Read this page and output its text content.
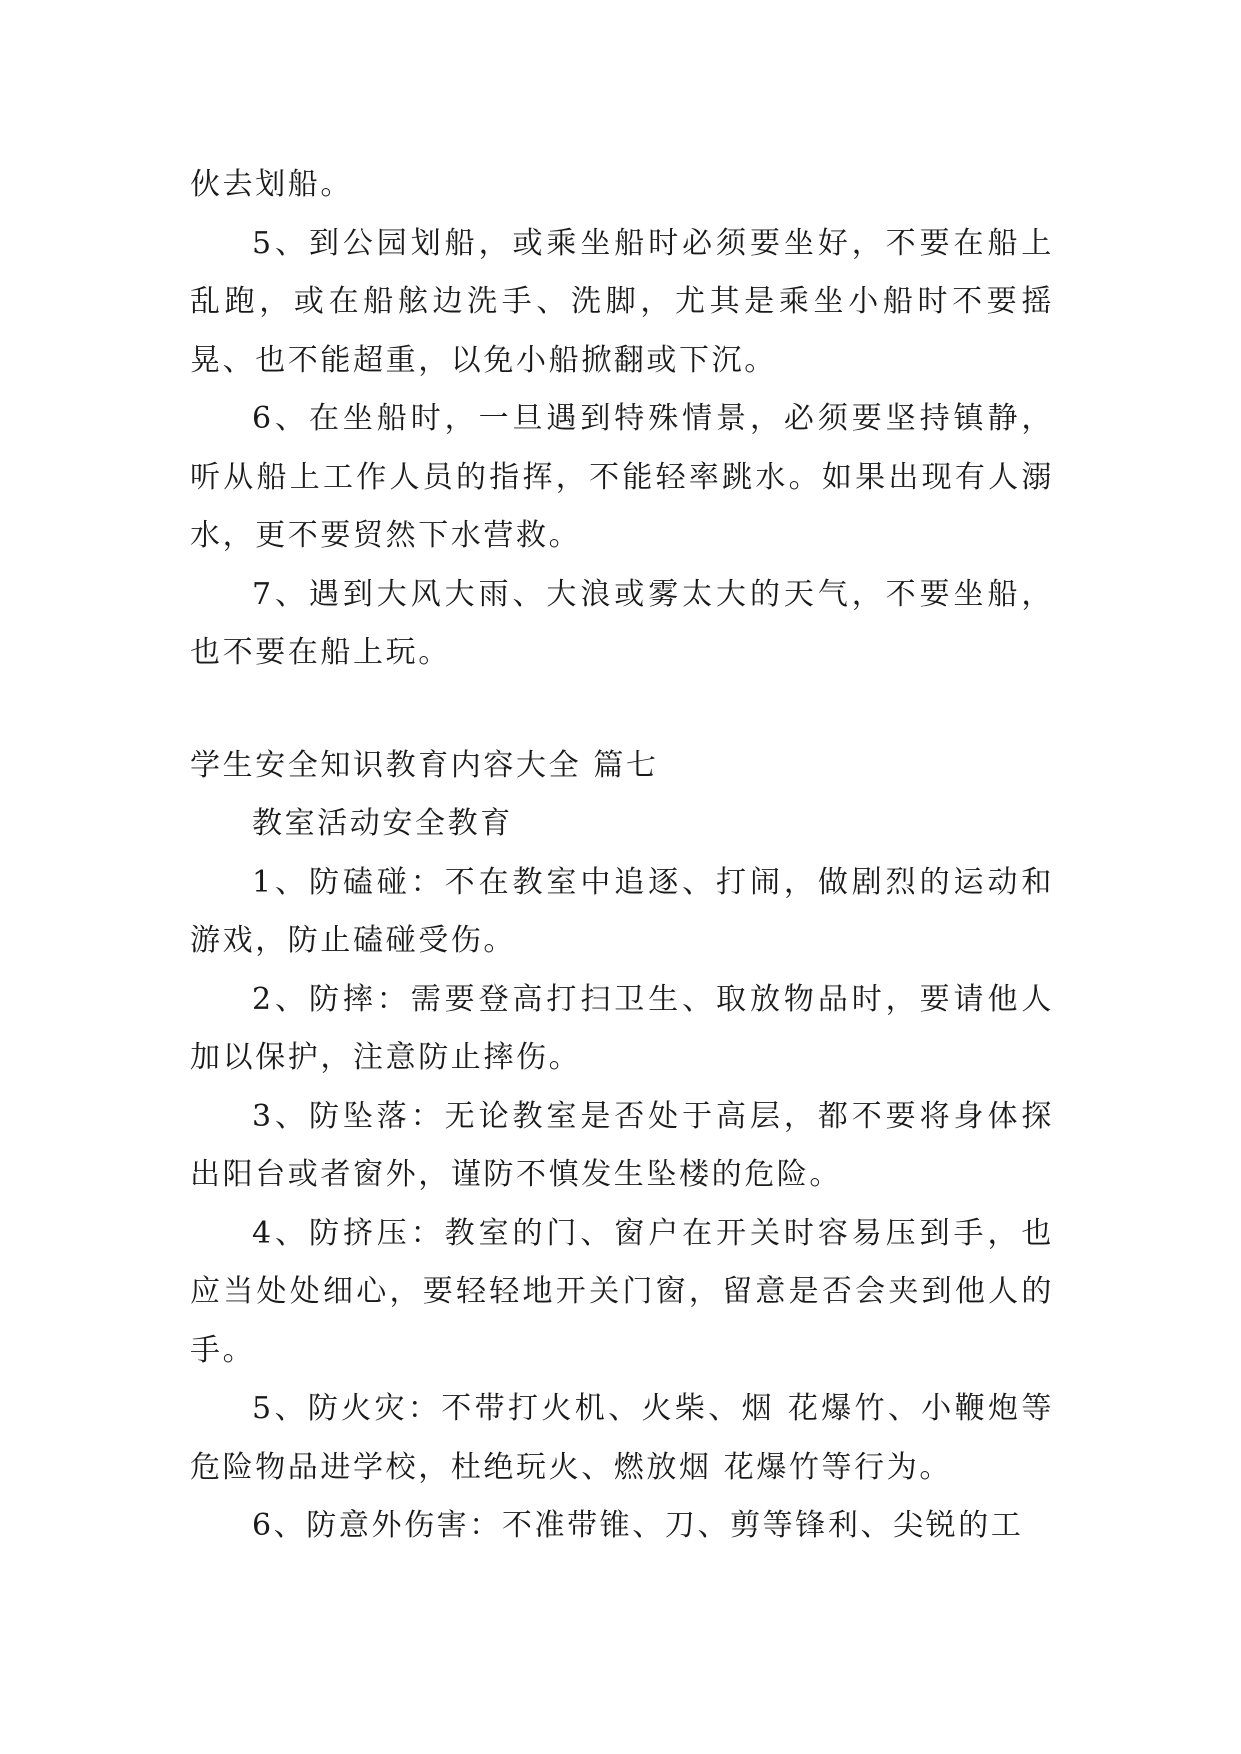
伙去划船。

5、到公园划船，或乘坐船时必须要坐好，不要在船上乱跑，或在船舷边洗手、洗脚，尤其是乘坐小船时不要摇晃、也不能超重，以免小船掀翻或下沉。

6、在坐船时，一旦遇到特殊情景，必须要坚持镇静，听从船上工作人员的指挥，不能轻率跳水。如果出现有人溺水，更不要贸然下水营救。

7、遇到大风大雨、大浪或雾太大的天气，不要坐船，也不要在船上玩。

学生安全知识教育内容大全 篇七

教室活动安全教育

1、防磕碰：不在教室中追逐、打闹，做剧烈的运动和游戏，防止磕碰受伤。

2、防摔：需要登高打扫卫生、取放物品时，要请他人加以保护，注意防止摔伤。

3、防坠落：无论教室是否处于高层，都不要将身体探出阳台或者窗外，谨防不慎发生坠楼的危险。

4、防挤压：教室的门、窗户在开关时容易压到手，也应当处处细心，要轻轻地开关门窗，留意是否会夹到他人的手。

5、防火灾：不带打火机、火柴、烟 花爆竹、小鞭炮等危险物品进学校，杜绝玩火、燃放烟 花爆竹等行为。

6、防意外伤害：不准带锥、刀、剪等锋利、尖锐的工
